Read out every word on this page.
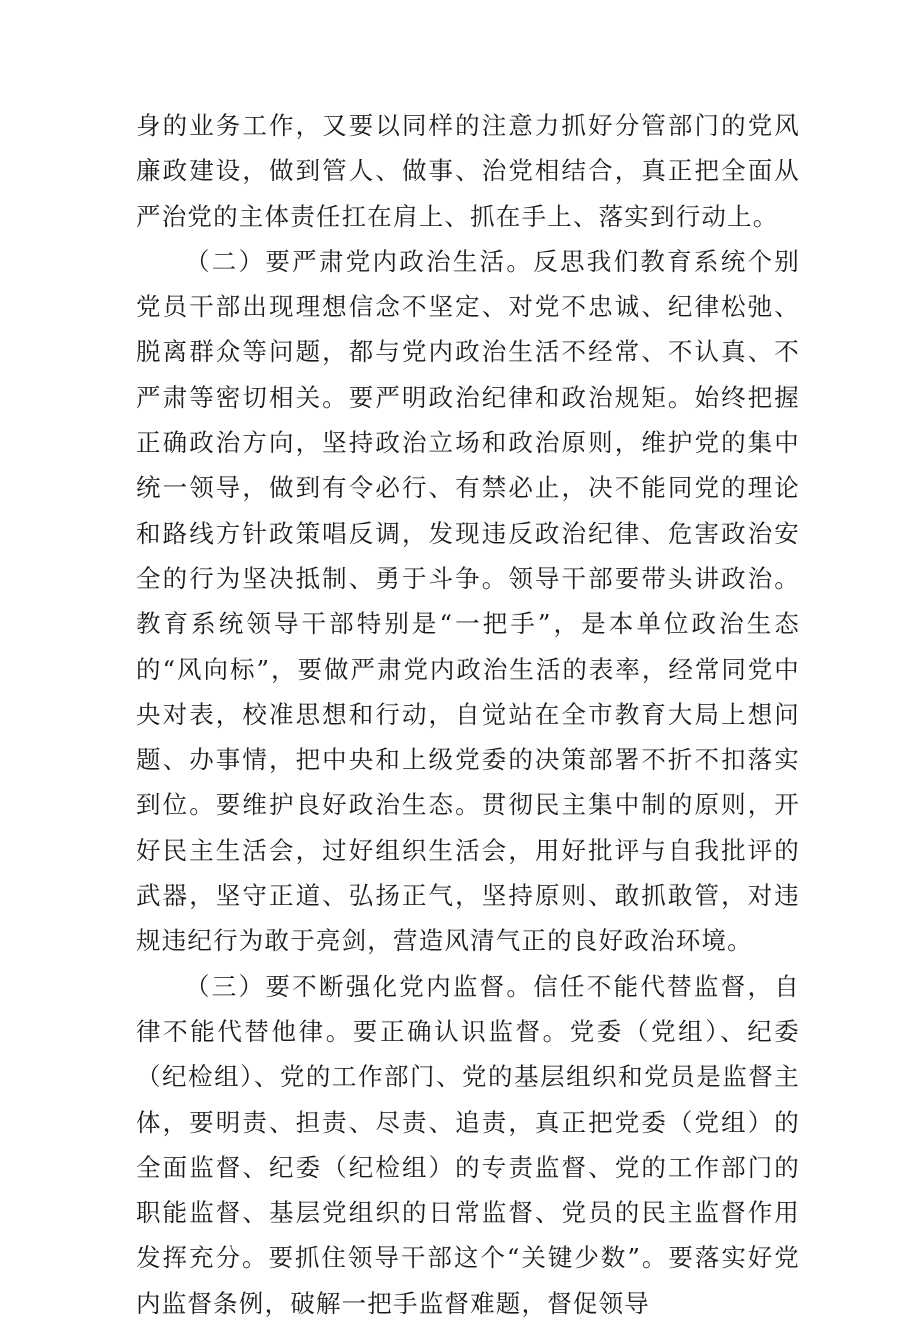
身的业务工作，又要以同样的注意力抓好分管部门的党风廉政建设，做到管人、做事、治党相结合，真正把全面从严治党的主体责任扛在肩上、抓在手上、落实到行动上。

（二）要严肃党内政治生活。反思我们教育系统个别党员干部出现理想信念不坚定、对党不忠诚、纪律松弛、脱离群众等问题，都与党内政治生活不经常、不认真、不严肃等密切相关。要严明政治纪律和政治规矩。始终把握正确政治方向，坚持政治立场和政治原则，维护党的集中统一领导，做到有令必行、有禁必止，决不能同党的理论和路线方针政策唱反调，发现违反政治纪律、危害政治安全的行为坚决抵制、勇于斗争。领导干部要带头讲政治。教育系统领导干部特别是“一把手”，是本单位政治生态的“风向标”，要做严肃党内政治生活的表率，经常同党中央对表，校准思想和行动，自觉站在全市教育大局上想问题、办事情，把中央和上级党委的决策部署不折不扣落实到位。要维护良好政治生态。贯彻民主集中制的原则，开好民主生活会，过好组织生活会，用好批评与自我批评的武器，坚守正道、弘扬正气，坚持原则、敢抓敢管，对违规违纪行为敢于亮剑，营造风清气正的良好政治环境。

（三）要不断强化党内监督。信任不能代替监督，自律不能代替他律。要正确认识监督。党委（党组）、纪委（纪检组）、党的工作部门、党的基层组织和党员是监督主体，要明责、担责、尽责、追责，真正把党委（党组）的全面监督、纪委（纪检组）的专责监督、党的工作部门的职能监督、基层党组织的日常监督、党员的民主监督作用发挥充分。要抓住领导干部这个“关键少数”。要落实好党内监督条例，破解一把手监督难题，督促领导
